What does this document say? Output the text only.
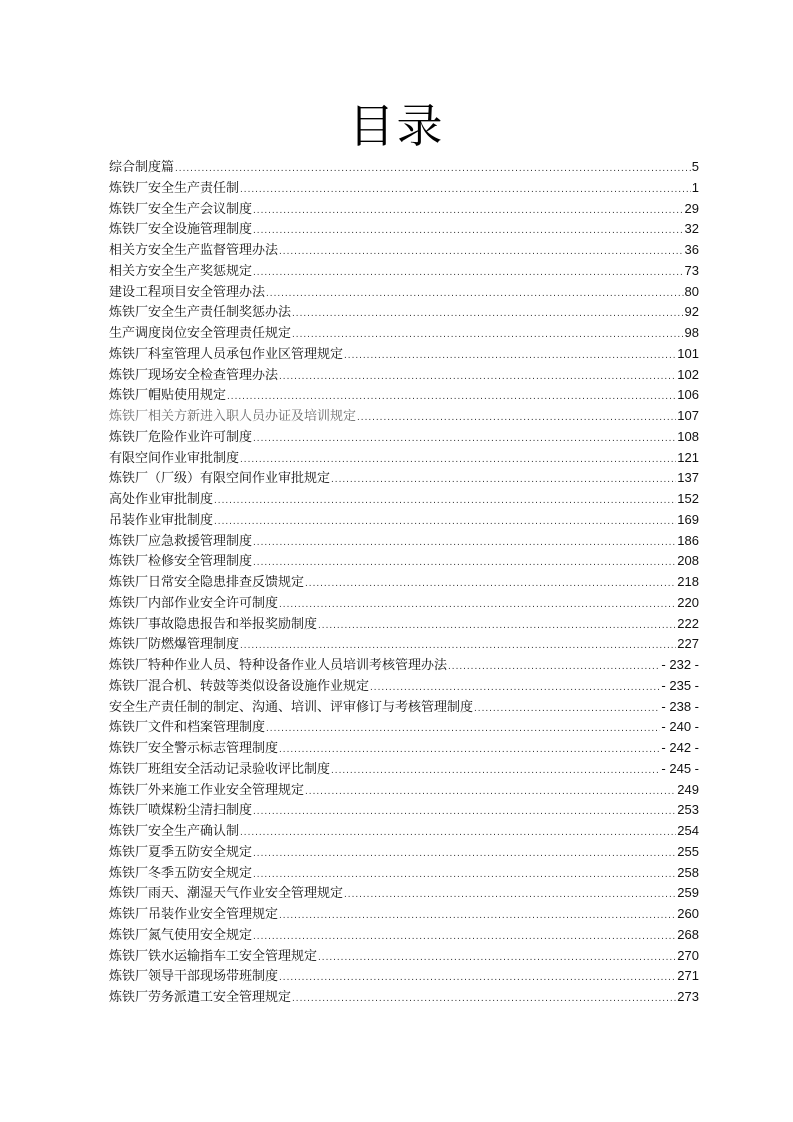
目录
综合制度篇 .....	5
炼铁厂安全生产责任制 .....	1
炼铁厂安全生产会议制度 .....	29
炼铁厂安全设施管理制度 .....	32
相关方安全生产监督管理办法 .....	36
相关方安全生产奖惩规定 .....	73
建设工程项目安全管理办法 .....	80
炼铁厂安全生产责任制奖惩办法 .....	92
生产调度岗位安全管理责任规定 .....	98
炼铁厂科室管理人员承包作业区管理规定 .....	101
炼铁厂现场安全检查管理办法 .....	102
炼铁厂帽贴使用规定 .....	106
炼铁厂相关方新进入职人员办证及培训规定 .....	107
炼铁厂危险作业许可制度 .....	108
有限空间作业审批制度 .....	121
炼铁厂（厂级）有限空间作业审批规定 .....	137
高处作业审批制度 .....	152
吊装作业审批制度 .....	169
炼铁厂应急救援管理制度 .....	186
炼铁厂检修安全管理制度 .....	208
炼铁厂日常安全隐患排查反馈规定 .....	218
炼铁厂内部作业安全许可制度 .....	220
炼铁厂事故隐患报告和举报奖励制度 .....	222
炼铁厂防燃爆管理制度 .....	227
炼铁厂特种作业人员、特种设备作业人员培训考核管理办法 .....	- 232 -
炼铁厂混合机、转鼓等类似设备设施作业规定 .....	- 235 -
安全生产责任制的制定、沟通、培训、评审修订与考核管理制度 .....	- 238 -
炼铁厂文件和档案管理制度 .....	- 240 -
炼铁厂安全警示标志管理制度 .....	- 242 -
炼铁厂班组安全活动记录验收评比制度 .....	- 245 -
炼铁厂外来施工作业安全管理规定 .....	249
炼铁厂喷煤粉尘清扫制度 .....	253
炼铁厂安全生产确认制 .....	254
炼铁厂夏季五防安全规定 .....	255
炼铁厂冬季五防安全规定 .....	258
炼铁厂雨天、潮湿天气作业安全管理规定 .....	259
炼铁厂吊装作业安全管理规定 .....	260
炼铁厂氮气使用安全规定 .....	268
炼铁厂铁水运输指车工安全管理规定 .....	270
炼铁厂领导干部现场带班制度 .....	271
炼铁厂劳务派遣工安全管理规定 .....	273
